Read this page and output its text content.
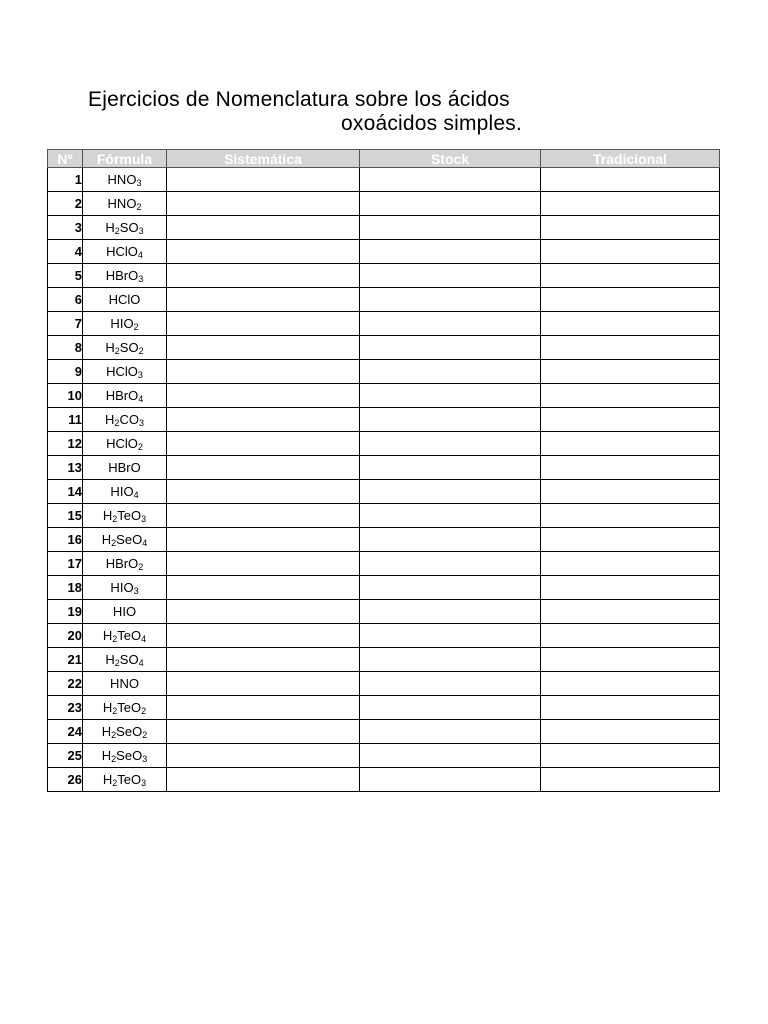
Ejercicios de Nomenclatura sobre los ácidos
oxoácidos simples.
Nº	Fórmula	Sistemática	Stock	Tradicional
1	$HNO_3$			
2	$HNO_2$			
3	$H_2SO_3$			
4	HClO$_4$			
5	HBrO$_3$			
6	HClO			
7	$HIO_2$			
8	$H_2SO_2$			
9	HClO$_3$			
10	HBrO$_4$			
11	$H_2CO_3$			
12	HClO$_2$			
13	HBrO			
14	$HIO_4$			
15	$H_2TeO_3$			
16	$H_2SeO_4$			
17	HBrO$_2$			
18	$HIO_3$			
19	HIO			
20	$H_2TeO_4$			
21	$H_2SO_4$			
22	HNO			
23	$H_2TeO_2$			
24	$H_2SeO_2$			
25	$H_2SeO_3$			
26	$H_2TeO_3$			
